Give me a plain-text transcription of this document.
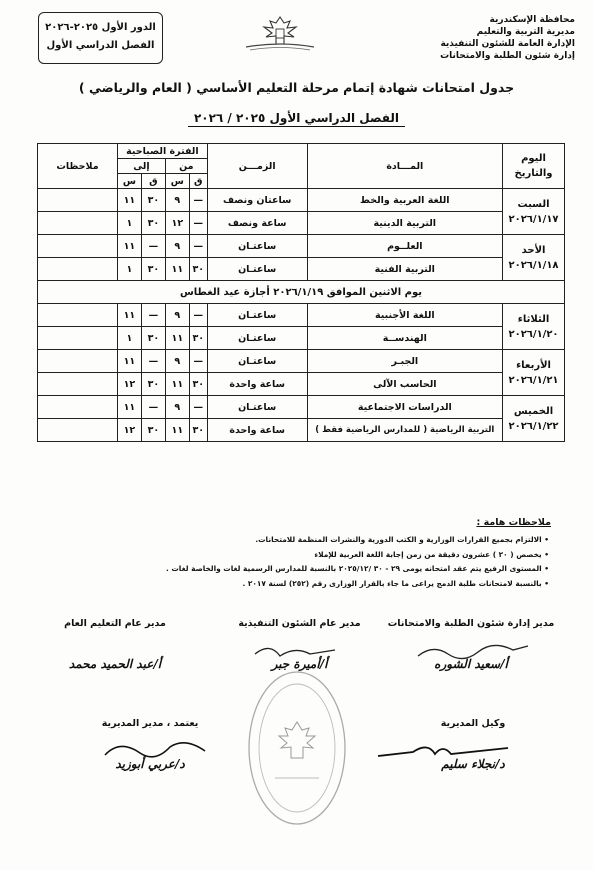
محافظة الإسكندرية
مديرية التربية والتعليم
الإدارة العامة للشئون التنفيذية
إدارة شئون الطلبة والامتحانات
الدور الأول ٢٠٢٥-٢٠٢٦
الفصل الدراسي الأول
جدول امتحانات شهادة إتمام مرحلة التعليم الأساسي ( العام والرياضي )
الفصل الدراسي الأول ٢٠٢٥ / ٢٠٢٦
اليوم والتاريخ	المـــادة	الزمـــن	الفترة الصباحية				ملاحظات
			من		إلى		
			ق	س	ق	س	

السبت
٢٠٢٦/١/١٧	اللغة العربية والخط	ساعتان ونصف	—	٩	٣٠	١١	
	التربية الدينية	ساعة ونصف	—	١٢	٣٠	١	

الأحد
٢٠٢٦/١/١٨	العلــوم	ساعتـان	—	٩	—	١١	
	التربية الفنية	ساعتـان	٣٠	١١	٣٠	١	
يوم الاثنين الموافق ٢٠٢٦/١/١٩ أجازة عيد الغطاس							

الثلاثاء
٢٠٢٦/١/٢٠	اللغة الأجنبية	ساعتـان	—	٩	—	١١	
	الهندســة	ساعتـان	٣٠	١١	٣٠	١	

الأربعاء
٢٠٢٦/١/٢١	الجبـر	ساعتـان	—	٩	—	١١	
	الحاسب الآلى	ساعة واحدة	٣٠	١١	٣٠	١٢	

الخميس
٢٠٢٦/١/٢٢	الدراسات الاجتماعية	ساعتـان	—	٩	—	١١	
	التربية الرياضية ( للمدارس الرياضية فقط )	ساعة واحدة	٣٠	١١	٣٠	١٢	
ملاحظات هامة :
• الالتزام بجميع القرارات الوزارية و الكتب الدورية والنشرات المنظمة للامتحانات.
• يخصص ( ٢٠ ) عشرون دقيقة من زمن إجابة اللغة العربية للإملاء
• المستوى الرفيع يتم عقد امتحانه يومى ٢٩ - ٣٠ /٢٠٢٥/١٢ بالنسبة للمدارس الرسمية لغات والخاصة لغات .
• بالنسبة لامتحانات طلبة الدمج يراعى ما جاء بالقرار الوزارى رقم (٢٥٢) لسنة ٢٠١٧ .
مدير إدارة شئون الطلبة والامتحانات
أ/سعيد الشوره
مدير عام الشئون التنفيذية
أ/أميرة جبر
مدير عام التعليم العام
أ/عبد الحميد محمد
وكيل المديرية
د/نجلاء سليم
يعتمد ، مدير المديرية
د/عربي أبوزيد
